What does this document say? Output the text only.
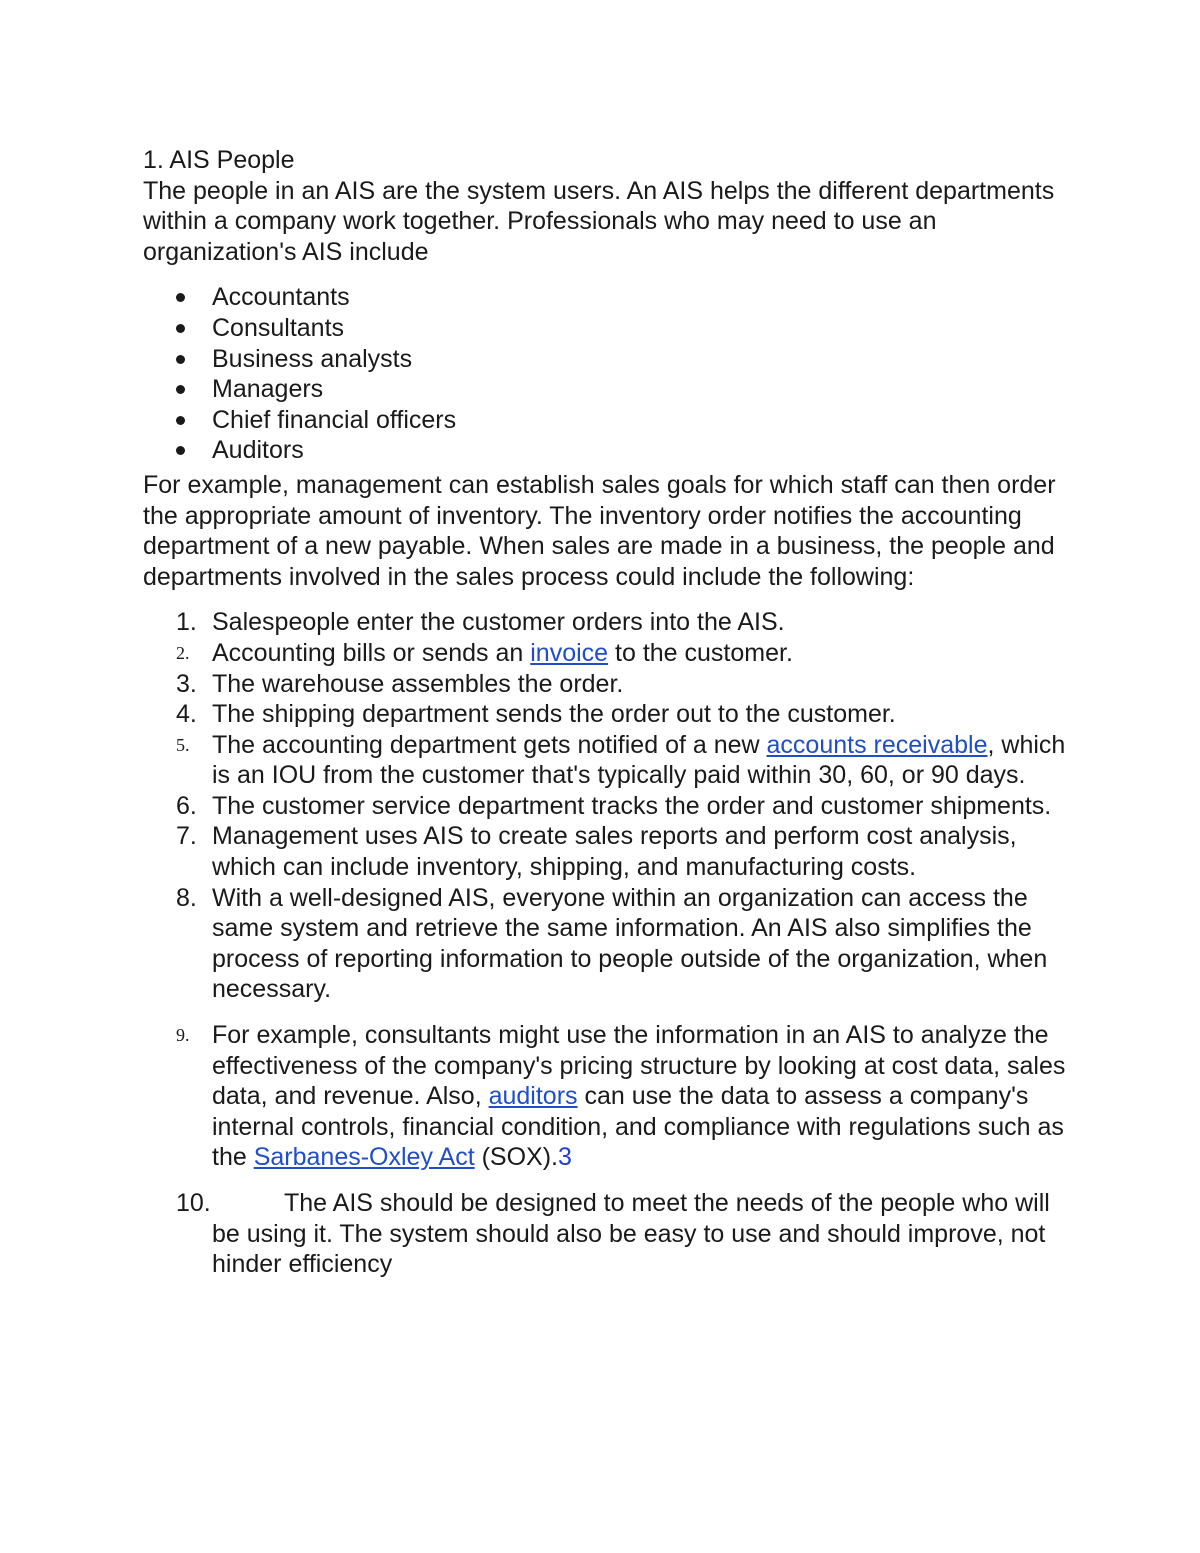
1. AIS People

The people in an AIS are the system users. An AIS helps the different departments within a company work together. Professionals who may need to use an organization's AIS include

Accountants
Consultants
Business analysts
Managers
Chief financial officers
Auditors

For example, management can establish sales goals for which staff can then order the appropriate amount of inventory. The inventory order notifies the accounting department of a new payable. When sales are made in a business, the people and departments involved in the sales process could include the following:

1. Salespeople enter the customer orders into the AIS.
2. Accounting bills or sends an invoice to the customer.
3. The warehouse assembles the order.
4. The shipping department sends the order out to the customer.
5. The accounting department gets notified of a new accounts receivable, which is an IOU from the customer that's typically paid within 30, 60, or 90 days.
6. The customer service department tracks the order and customer shipments.
7. Management uses AIS to create sales reports and perform cost analysis, which can include inventory, shipping, and manufacturing costs.
8. With a well-designed AIS, everyone within an organization can access the same system and retrieve the same information. An AIS also simplifies the process of reporting information to people outside of the organization, when necessary.
9. For example, consultants might use the information in an AIS to analyze the effectiveness of the company's pricing structure by looking at cost data, sales data, and revenue. Also, auditors can use the data to assess a company's internal controls, financial condition, and compliance with regulations such as the Sarbanes-Oxley Act (SOX).3
10.	The AIS should be designed to meet the needs of the people who will be using it. The system should also be easy to use and should improve, not hinder efficiency
